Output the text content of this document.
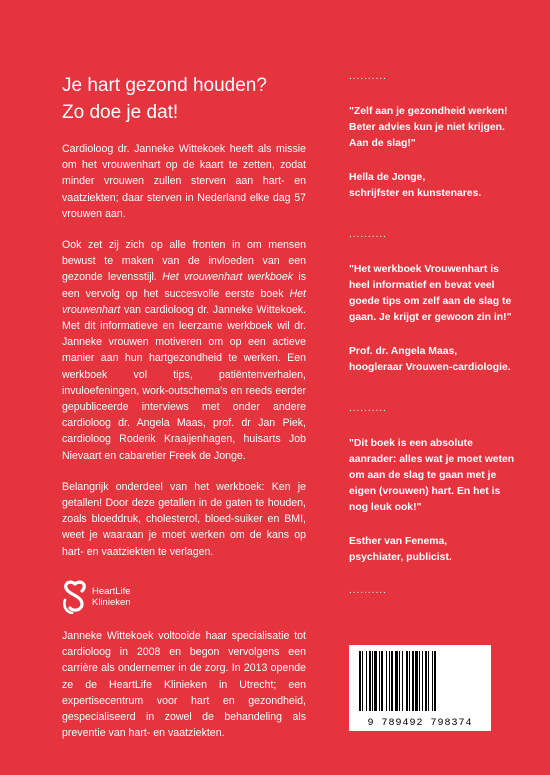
Je hart gezond houden?
Zo doe je dat!

Cardioloog dr. Janneke Wittekoek heeft als missie om het vrouwenhart op de kaart te zetten, zodat minder vrouwen zullen sterven aan hart- en vaatziekten; daar sterven in Nederland elke dag 57 vrouwen aan.

Ook zet zij zich op alle fronten in om mensen bewust te maken van de invloeden van een gezonde levensstijl. Het vrouwenhart werkboek is een vervolg op het succesvolle eerste boek Het vrouwenhart van cardioloog dr. Janneke Wittekoek. Met dit informatieve en leerzame werkboek wil dr. Janneke vrouwen motiveren om op een actieve manier aan hun hartgezondheid te werken. Een werkboek vol tips, patiëntenverhalen, invuloefeningen, work-outschema's en reeds eerder gepubliceerde interviews met onder andere cardioloog dr. Angela Maas, prof. dr Jan Piek, cardioloog Roderik Kraaijenhagen, huisarts Job Nievaart en cabaretier Freek de Jonge.

Belangrijk onderdeel van het werkboek: Ken je getallen! Door deze getallen in de gaten te houden, zoals bloeddruk, cholesterol, bloed-suiker en BMI, weet je waaraan je moet werken om de kans op hart- en vaatziekten te verlagen.

HeartLife
Klinieken

Janneke Wittekoek voltooide haar specialisatie tot cardioloog in 2008 en begon vervolgens een carrière als ondernemer in de zorg. In 2013 opende ze de HeartLife Klinieken in Utrecht; een expertisecentrum voor hart en gezondheid, gespecialiseerd in zowel de behandeling als preventie van hart- en vaatziekten.

..........

"Zelf aan je gezondheid werken! Beter advies kun je niet krijgen. Aan de slag!"

Hella de Jonge,
schrijfster en kunstenares.

..........

"Het werkboek Vrouwenhart is heel informatief en bevat veel goede tips om zelf aan de slag te gaan. Je krijgt er gewoon zin in!"

Prof. dr. Angela Maas,
hoogleraar Vrouwen-cardiologie.

..........

"Dit boek is een absolute aanrader: alles wat je moet weten om aan de slag te gaan met je eigen (vrouwen) hart. En het is nog leuk ook!"

Esther van Fenema,
psychiater, publicist.

..........
9 789492 798374
